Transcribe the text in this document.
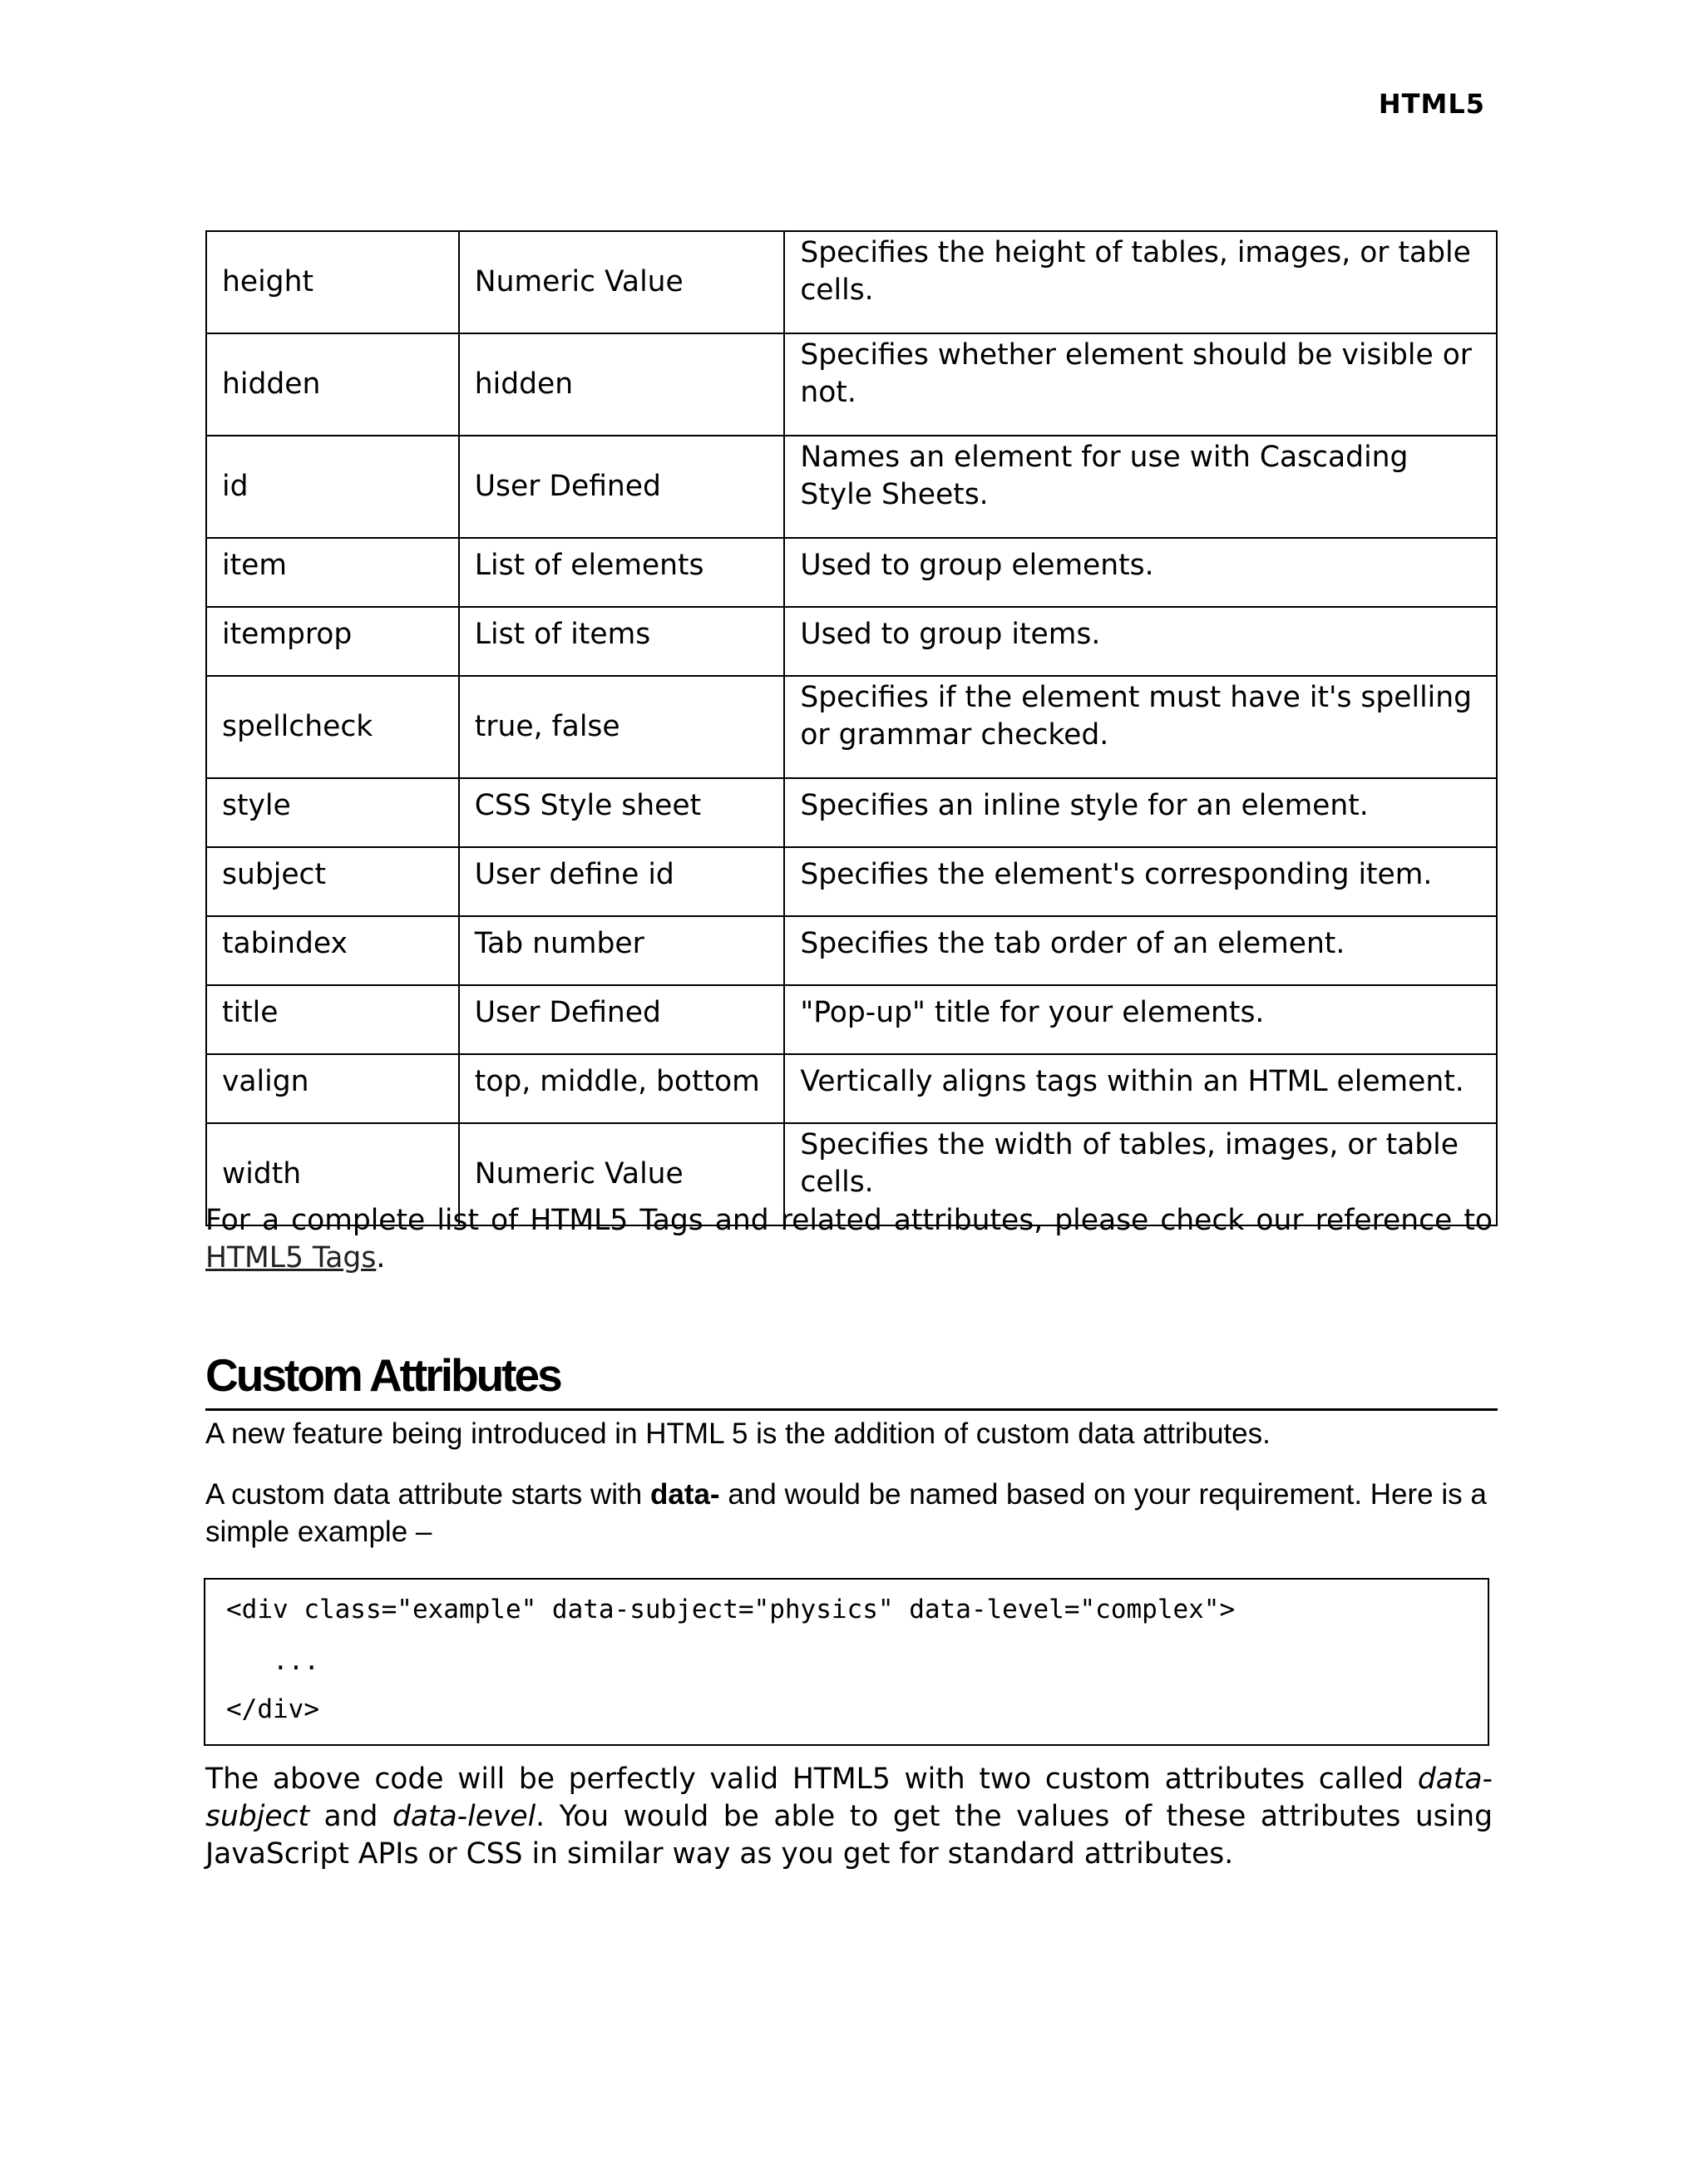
HTML5
height	Numeric Value	Specifies the height of tables, images, or table cells.
hidden	hidden	Specifies whether element should be visible or not.
id	User Defined	Names an element for use with Cascading Style Sheets.
item	List of elements	Used to group elements.
itemprop	List of items	Used to group items.
spellcheck	true, false	Specifies if the element must have it's spelling or grammar checked.
style	CSS Style sheet	Specifies an inline style for an element.
subject	User define id	Specifies the element's corresponding item.
tabindex	Tab number	Specifies the tab order of an element.
title	User Defined	"Pop-up" title for your elements.
valign	top, middle, bottom	Vertically aligns tags within an HTML element.
width	Numeric Value	Specifies the width of tables, images, or table cells.

For a complete list of HTML5 Tags and related attributes, please check our reference to HTML5 Tags.

Custom Attributes

A new feature being introduced in HTML 5 is the addition of custom data attributes.

A custom data attribute starts with data- and would be named based on your requirement. Here is a simple example –

<div class="example" data-subject="physics" data-level="complex">
...
</div>

The above code will be perfectly valid HTML5 with two custom attributes called data-subject and data-level. You would be able to get the values of these attributes using JavaScript APIs or CSS in similar way as you get for standard attributes.
